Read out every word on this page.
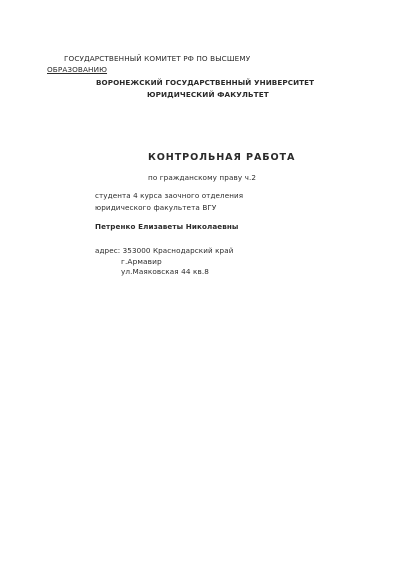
ГОСУДАРСТВЕННЫЙ КОМИТЕТ РФ ПО ВЫСШЕМУ
ОБРАЗОВАНИЮ
ВОРОНЕЖСКИЙ ГОСУДАРСТВЕННЫЙ УНИВЕРСИТЕТ
ЮРИДИЧЕСКИЙ ФАКУЛЬТЕТ
КОНТРОЛЬНАЯ РАБОТА
по гражданскому праву ч.2
студента 4 курса заочного отделения
юридического факультета ВГУ
Петренко Елизаветы Николаевны
адрес: 353000 Краснодарский край
г.Армавир
ул.Маяковская 44 кв.8
